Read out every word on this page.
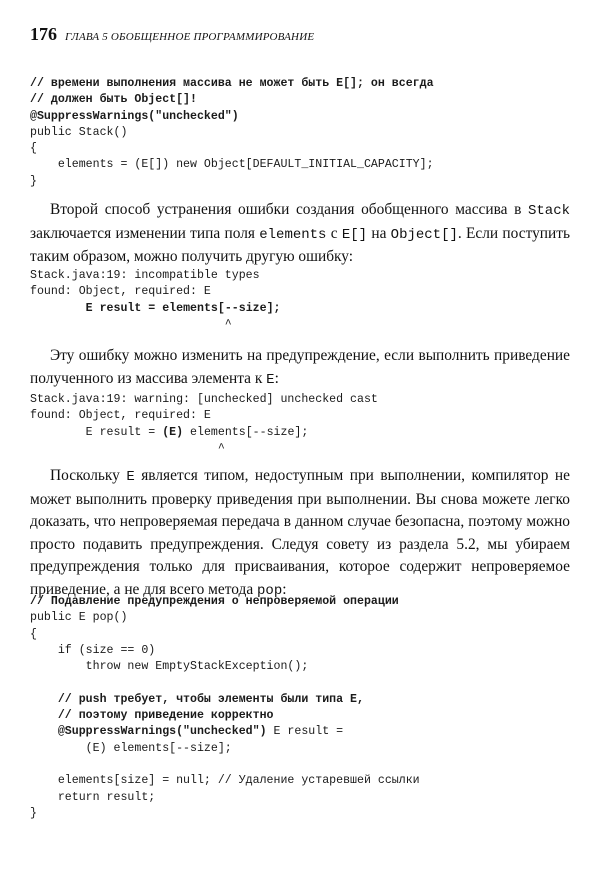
176 ГЛАВА 5 ОБОБЩЕННОЕ ПРОГРАММИРОВАНИЕ
// времени выполнения массива не может быть E[]; он всегда
// должен быть Object[]!
@SuppressWarnings("unchecked")
public Stack()
{
elements = (E[]) new Object[DEFAULT_INITIAL_CAPACITY];
}

Второй способ устранения ошибки создания обобщенного массива в Stack заключается изменении типа поля elements с E[] на Object[]. Если поступить таким образом, можно получить другую ошибку:

Stack.java:19: incompatible types
found: Object, required: E
E result = elements[--size];
^

Эту ошибку можно изменить на предупреждение, если выполнить приведение полученного из массива элемента к E:

Stack.java:19: warning: [unchecked] unchecked cast
found: Object, required: E
E result = (E) elements[--size];
^

Поскольку E является типом, недоступным при выполнении, компилятор не может выполнить проверку приведения при выполнении. Вы снова можете легко доказать, что непроверяемая передача в данном случае безопасна, поэтому можно просто подавить предупреждения. Следуя совету из раздела 5.2, мы убираем предупреждения только для присваивания, которое содержит непроверяемое приведение, а не для всего метода pop:

// Подавление предупреждения о непроверяемой операции
public E pop()
{
if (size == 0)
throw new EmptyStackException();

// push требует, чтобы элементы были типа E,
// поэтому приведение корректно
@SuppressWarnings("unchecked") E result =
(E) elements[--size];

elements[size] = null; // Удаление устаревшей ссылки
return result;
}
